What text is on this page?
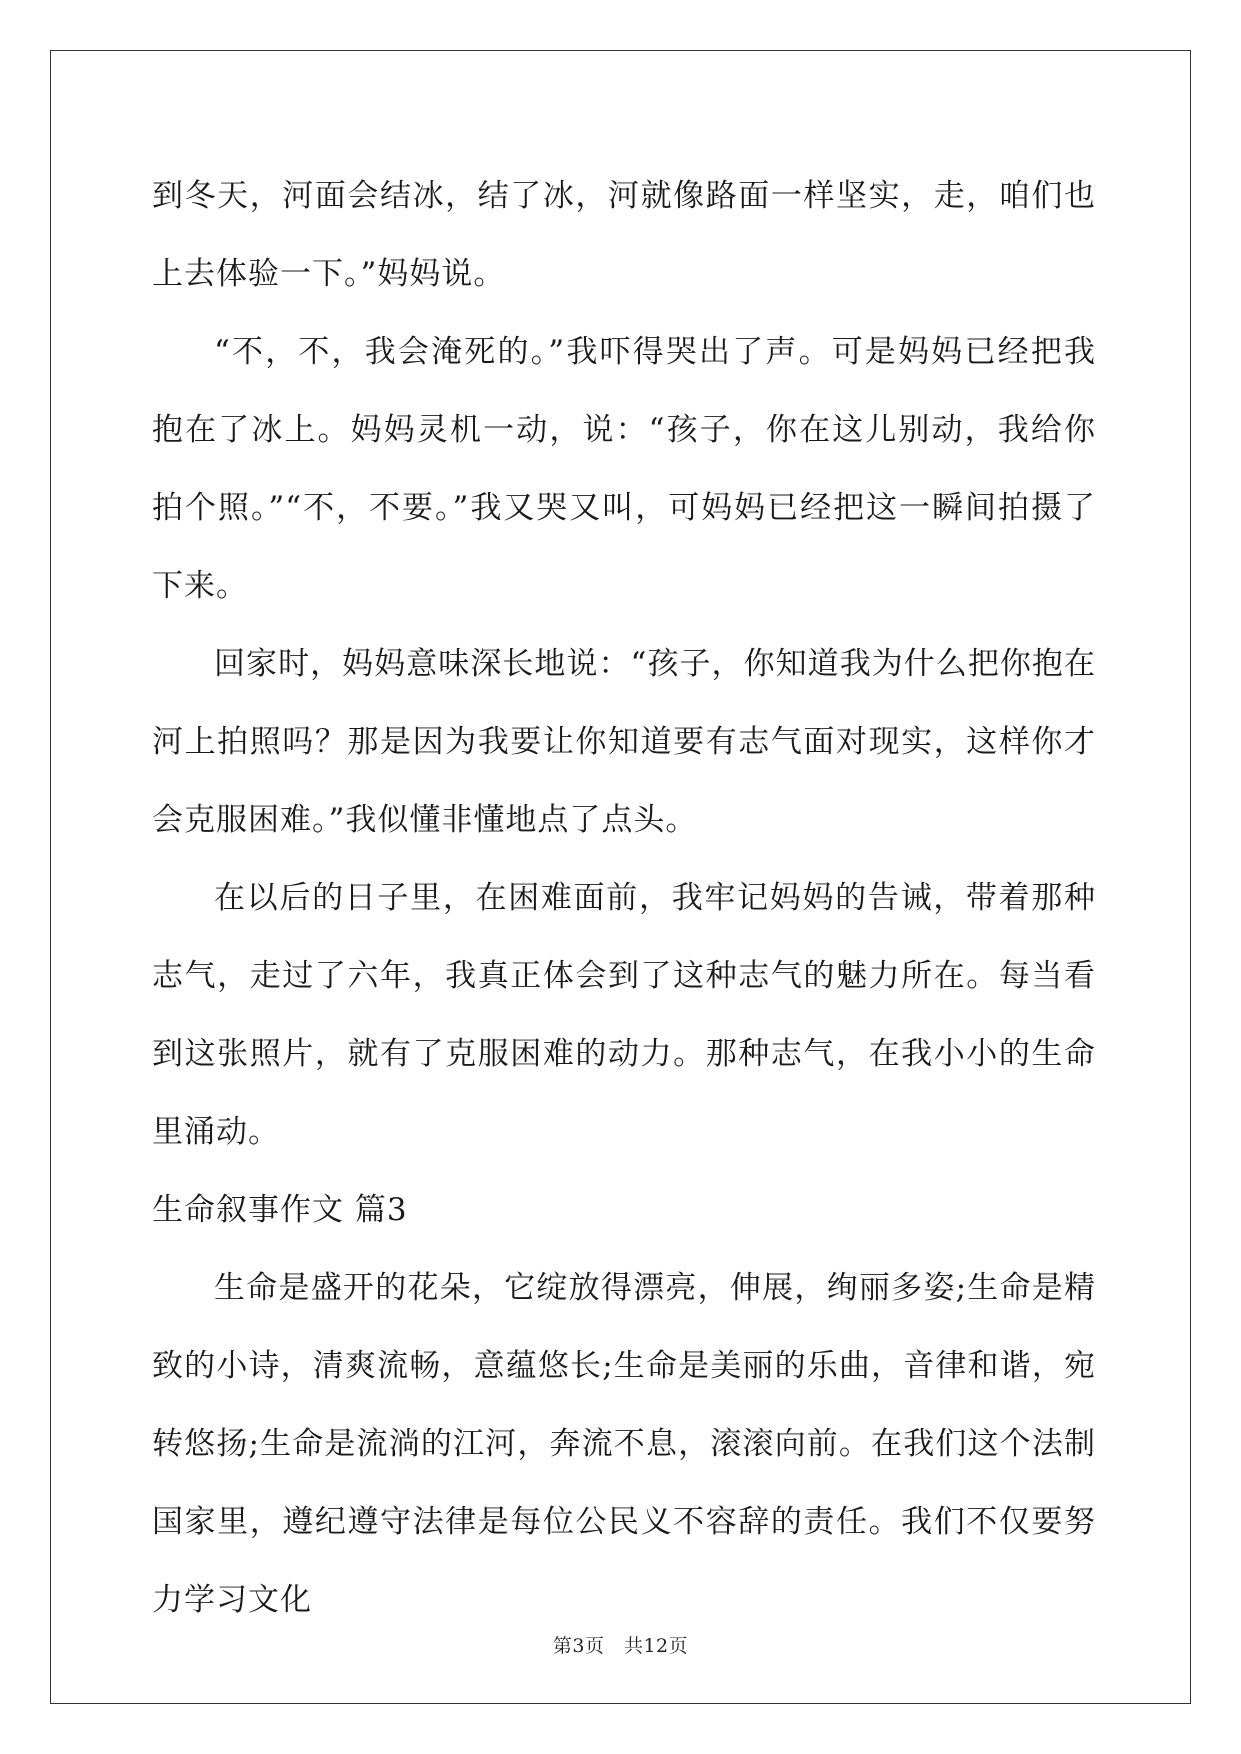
到冬天，河面会结冰，结了冰，河就像路面一样坚实，走，咱们也上去体验一下。”妈妈说。

“不，不，我会淹死的。”我吓得哭出了声。可是妈妈已经把我抱在了冰上。妈妈灵机一动，说：“孩子，你在这儿别动，我给你拍个照。”“不，不要。”我又哭又叫，可妈妈已经把这一瞬间拍摄了下来。

回家时，妈妈意味深长地说：“孩子，你知道我为什么把你抱在河上拍照吗？那是因为我要让你知道要有志气面对现实，这样你才会克服困难。”我似懂非懂地点了点头。

在以后的日子里，在困难面前，我牢记妈妈的告诫，带着那种志气，走过了六年，我真正体会到了这种志气的魅力所在。每当看到这张照片，就有了克服困难的动力。那种志气，在我小小的生命里涌动。

生命叙事作文 篇3

生命是盛开的花朵，它绽放得漂亮，伸展，绚丽多姿;生命是精致的小诗，清爽流畅，意蕴悠长;生命是美丽的乐曲，音律和谐，宛转悠扬;生命是流淌的江河，奔流不息，滚滚向前。在我们这个法制国家里，遵纪遵守法律是每位公民义不容辞的责任。我们不仅要努力学习文化

第3页　共12页
